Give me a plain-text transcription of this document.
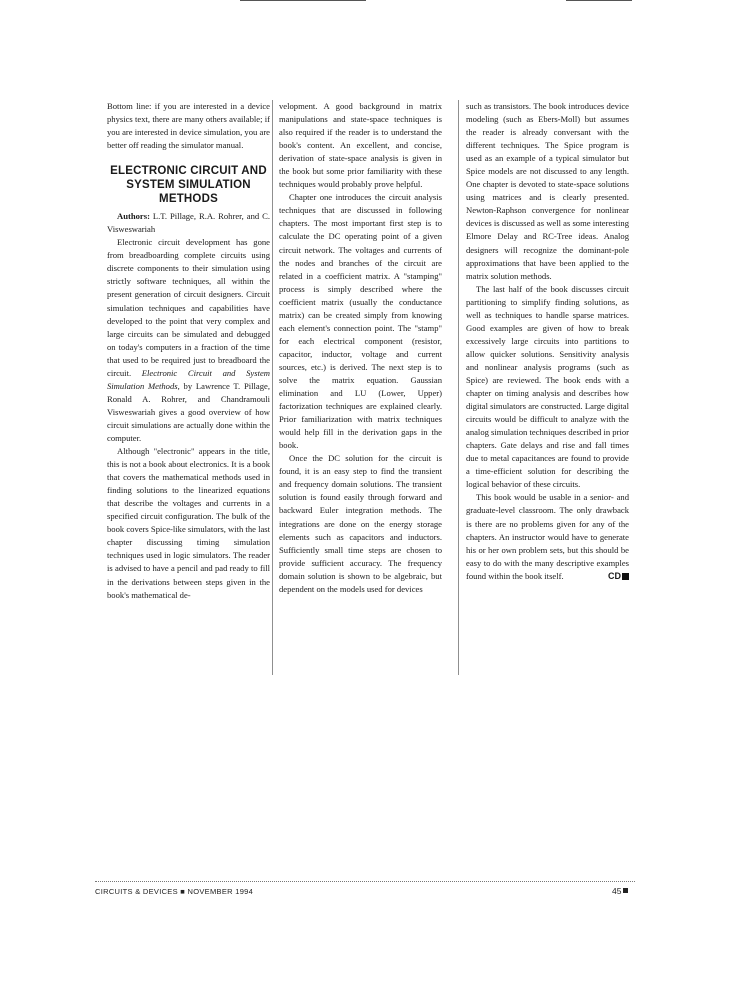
Bottom line: if you are interested in a device physics text, there are many others available; if you are interested in device simulation, you are better off reading the simulator manual.

ELECTRONIC CIRCUIT AND SYSTEM SIMULATION METHODS

Authors: L.T. Pillage, R.A. Rohrer, and C. Visweswariah

Electronic circuit development has gone from breadboarding complete circuits using discrete components to their simulation using strictly software techniques, all within the present generation of circuit designers. Circuit simulation techniques and capabilities have developed to the point that very complex and large circuits can be simulated and debugged on today's computers in a fraction of the time that used to be required just to breadboard the circuit. Electronic Circuit and System Simulation Methods, by Lawrence T. Pillage, Ronald A. Rohrer, and Chandramouli Visweswariah gives a good overview of how circuit simulations are actually done within the computer.

Although "electronic" appears in the title, this is not a book about electronics. It is a book that covers the mathematical methods used in finding solutions to the linearized equations that describe the voltages and currents in a specified circuit configuration. The bulk of the book covers Spice-like simulators, with the last chapter discussing timing simulation techniques used in logic simulators. The reader is advised to have a pencil and pad ready to fill in the derivations between steps given in the book's mathematical de-

velopment. A good background in matrix manipulations and state-space techniques is also required if the reader is to understand the book's content. An excellent, and concise, derivation of state-space analysis is given in the book but some prior familiarity with these techniques would probably prove helpful.

Chapter one introduces the circuit analysis techniques that are discussed in following chapters. The most important first step is to calculate the DC operating point of a given circuit network. The voltages and currents of the nodes and branches of the circuit are related in a coefficient matrix. A "stamping" process is simply described where the coefficient matrix (usually the conductance matrix) can be created simply from knowing each element's connection point. The "stamp" for each electrical component (resistor, capacitor, inductor, voltage and current sources, etc.) is derived. The next step is to solve the matrix equation. Gaussian elimination and LU (Lower, Upper) factorization techniques are explained clearly. Prior familiarization with matrix techniques would help fill in the derivation gaps in the book.

Once the DC solution for the circuit is found, it is an easy step to find the transient and frequency domain solutions. The transient solution is found easily through forward and backward Euler integration methods. The integrations are done on the energy storage elements such as capacitors and inductors. Sufficiently small time steps are chosen to provide sufficient accuracy. The frequency domain solution is shown to be algebraic, but dependent on the models used for devices

such as transistors. The book introduces device modeling (such as Ebers-Moll) but assumes the reader is already conversant with the different techniques. The Spice program is used as an example of a typical simulator but Spice models are not discussed to any length. One chapter is devoted to state-space solutions using matrices and is clearly presented. Newton-Raphson convergence for nonlinear devices is discussed as well as some interesting Elmore Delay and RC-Tree ideas. Analog designers will recognize the dominant-pole approximations that have been applied to the matrix solution methods.

The last half of the book discusses circuit partitioning to simplify finding solutions, as well as techniques to handle sparse matrices. Good examples are given of how to break excessively large circuits into partitions to allow quicker solutions. Sensitivity analysis and nonlinear analysis programs (such as Spice) are reviewed. The book ends with a chapter on timing analysis and describes how digital simulators are constructed. Large digital circuits would be difficult to analyze with the analog simulation techniques described in prior chapters. Gate delays and rise and fall times due to metal capacitances are found to provide a time-efficient solution for describing the logical behavior of these circuits.

This book would be usable in a senior- and graduate-level classroom. The only drawback is there are no problems given for any of the chapters. An instructor would have to generate his or her own problem sets, but this should be easy to do with the many descriptive examples found within the book itself.	CD

CIRCUITS & DEVICES ■ NOVEMBER 1994	45
